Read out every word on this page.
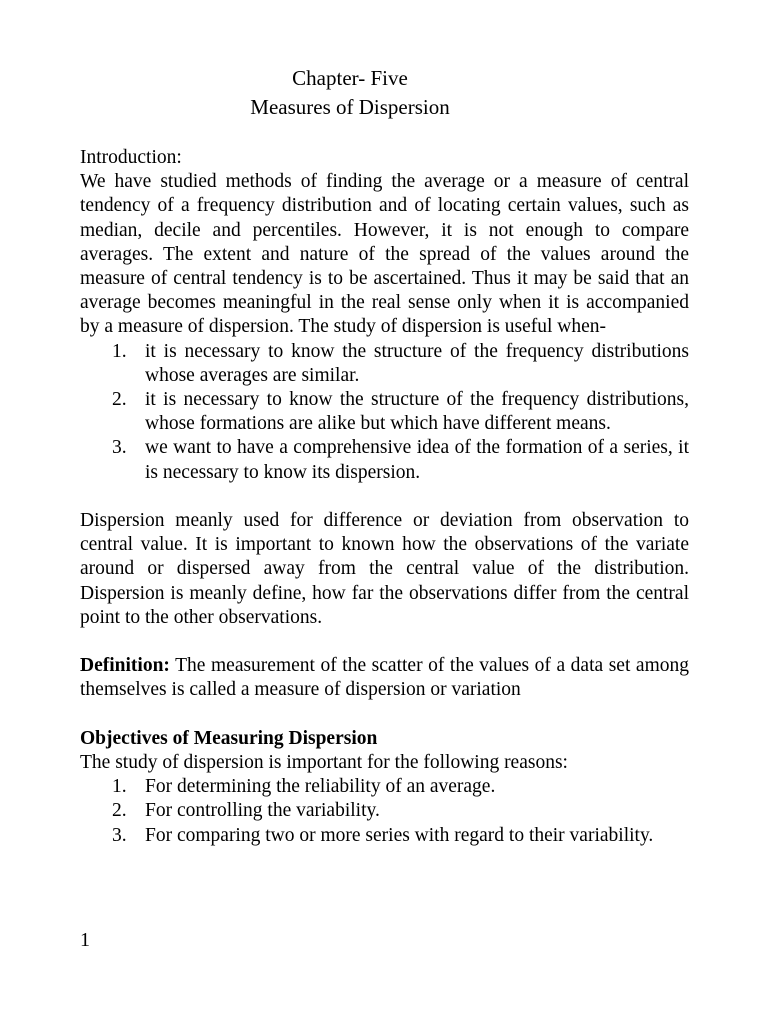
Chapter- Five
Measures of Dispersion

Introduction:

We have studied methods of finding the average or a measure of central tendency of a frequency distribution and of locating certain values, such as median, decile and percentiles. However, it is not enough to compare averages. The extent and nature of the spread of the values around the measure of central tendency is to be ascertained. Thus it may be said that an average becomes meaningful in the real sense only when it is accompanied by a measure of dispersion. The study of dispersion is useful when-

1. it is necessary to know the structure of the frequency distributions whose averages are similar.
2. it is necessary to know the structure of the frequency distributions, whose formations are alike but which have different means.
3. we want to have a comprehensive idea of the formation of a series, it is necessary to know its dispersion.

Dispersion meanly used for difference or deviation from observation to central value. It is important to known how the observations of the variate around or dispersed away from the central value of the distribution. Dispersion is meanly define, how far the observations differ from the central point to the other observations.

Definition: The measurement of the scatter of the values of a data set among themselves is called a measure of dispersion or variation

Objectives of Measuring Dispersion

The study of dispersion is important for the following reasons:

1. For determining the reliability of an average.
2. For controlling the variability.
3. For comparing two or more series with regard to their variability.
1
